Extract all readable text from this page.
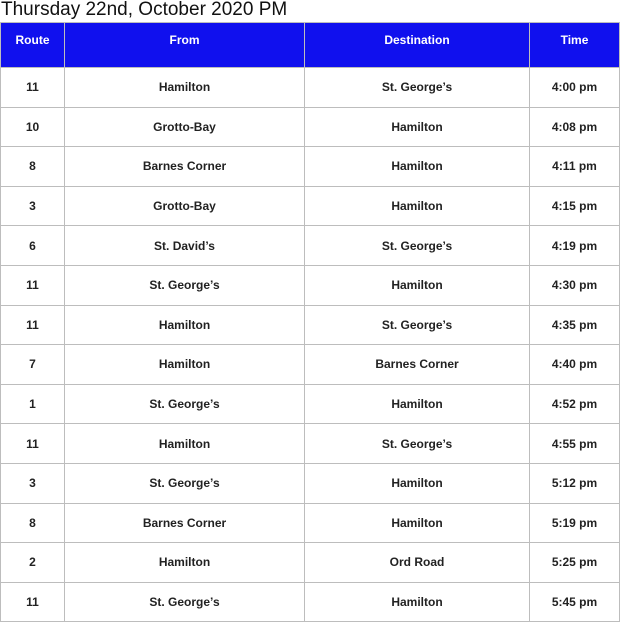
Thursday 22nd, October 2020 PM
Route	From	Destination	Time
11	Hamilton	St. George’s	4:00 pm
10	Grotto-Bay	Hamilton	4:08 pm
8	Barnes Corner	Hamilton	4:11 pm
3	Grotto-Bay	Hamilton	4:15 pm
6	St. David’s	St. George’s	4:19 pm
11	St. George’s	Hamilton	4:30 pm
11	Hamilton	St. George’s	4:35 pm
7	Hamilton	Barnes Corner	4:40 pm
1	St. George’s	Hamilton	4:52 pm
11	Hamilton	St. George’s	4:55 pm
3	St. George’s	Hamilton	5:12 pm
8	Barnes Corner	Hamilton	5:19 pm
2	Hamilton	Ord Road	5:25 pm
11	St. George’s	Hamilton	5:45 pm
